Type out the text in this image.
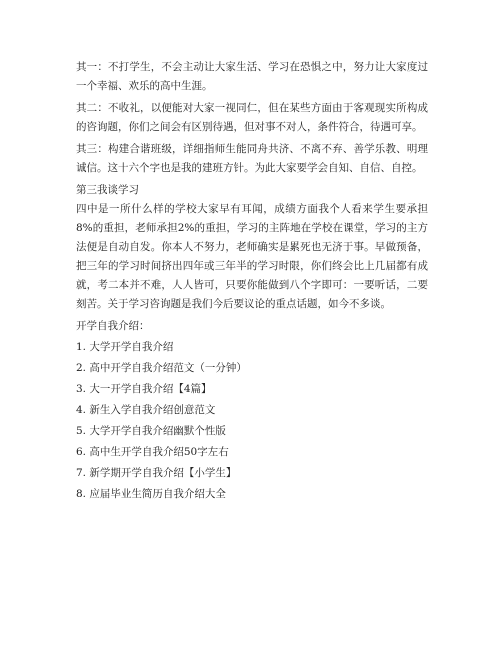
其一：不打学生，不会主动让大家生活、学习在恐惧之中，努力让大家度过一个幸福、欢乐的高中生涯。

其二：不收礼，以便能对大家一视同仁，但在某些方面由于客观现实所构成的咨询题，你们之间会有区别待遇，但对事不对人，条件符合，待遇可享。

其三：构建合谐班级，详细指师生能同舟共济、不离不弃、善学乐教、明理诚信。这十六个字也是我的建班方针。为此大家要学会自知、自信、自控。

第三我谈学习

四中是一所什么样的学校大家早有耳闻，成绩方面我个人看来学生要承担8%的重担，老师承担2%的重担，学习的主阵地在学校在课堂，学习的主方法便是自动自发。你本人不努力，老师确实是累死也无济于事。早做预备，把三年的学习时间挤出四年或三年半的学习时限，你们终会比上几届都有成就，考二本并不难，人人皆可，只要你能做到八个字即可：一要听话，二要刻苦。关于学习咨询题是我们今后要议论的重点话题，如今不多谈。

开学自我介绍：

1. 大学开学自我介绍
2. 高中开学自我介绍范文（一分钟）
3. 大一开学自我介绍【4篇】
4. 新生入学自我介绍创意范文
5. 大学开学自我介绍幽默个性版
6. 高中生开学自我介绍50字左右
7. 新学期开学自我介绍【小学生】
8. 应届毕业生简历自我介绍大全
